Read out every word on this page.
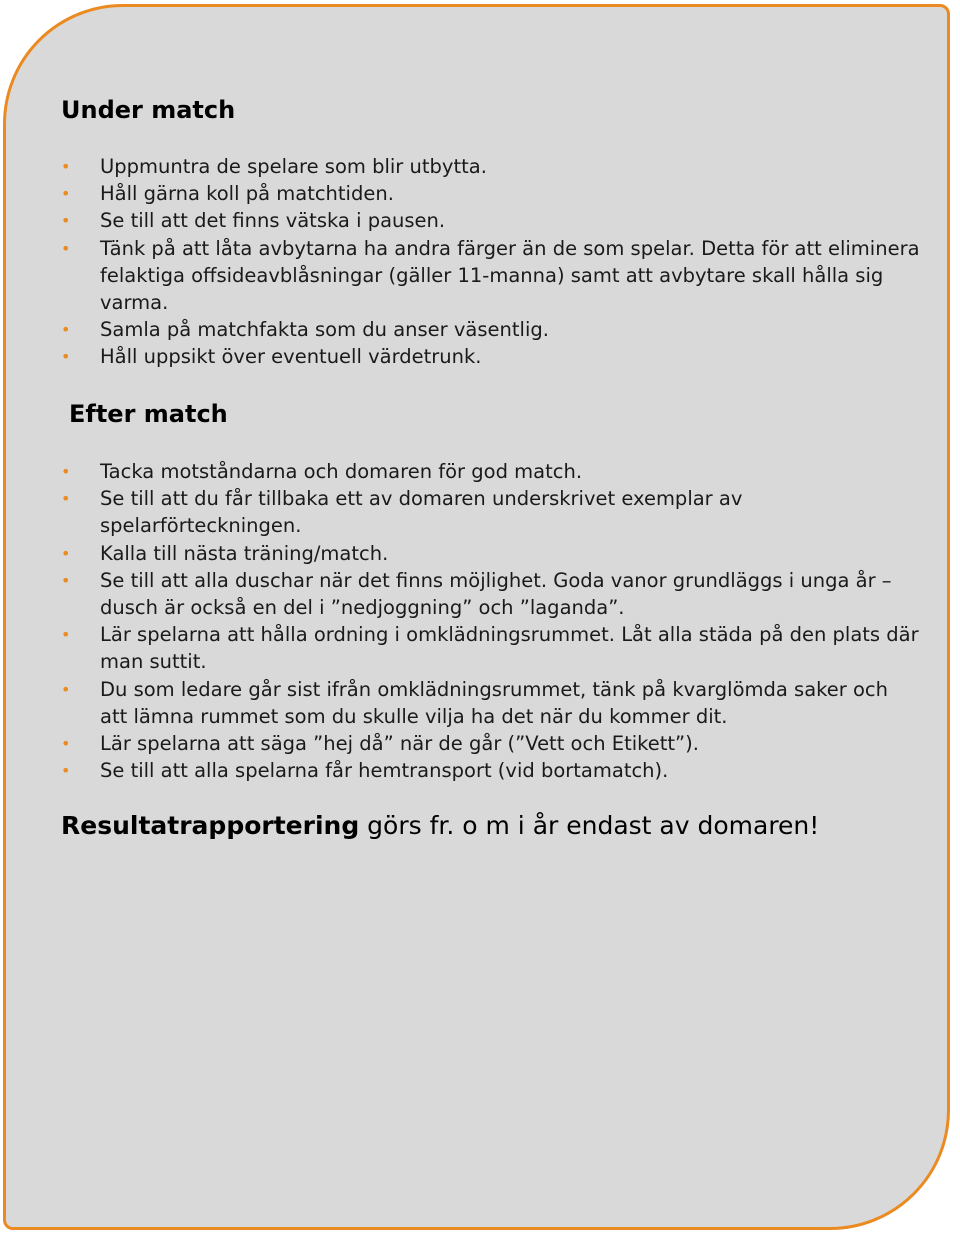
Under match
• Uppmuntra de spelare som blir utbytta.
• Håll gärna koll på matchtiden.
• Se till att det finns vätska i pausen.
• Tänk på att låta avbytarna ha andra färger än de som spelar. Detta för att eliminera felaktiga offsideavblåsningar (gäller 11-manna) samt att avbytare skall hålla sig varma.
• Samla på matchfakta som du anser väsentlig.
• Håll uppsikt över eventuell värdetrunk.
Efter match
• Tacka motståndarna och domaren för god match.
• Se till att du får tillbaka ett av domaren underskrivet exemplar av spelarförteckningen.
• Kalla till nästa träning/match.
• Se till att alla duschar när det finns möjlighet. Goda vanor grundläggs i unga år – dusch är också en del i ”nedjoggning” och ”laganda”.
• Lär spelarna att hålla ordning i omklädningsrummet. Låt alla städa på den plats där man suttit.
• Du som ledare går sist ifrån omklädningsrummet, tänk på kvarglömda saker och att lämna rummet som du skulle vilja ha det när du kommer dit.
• Lär spelarna att säga ”hej då” när de går (”Vett och Etikett”).
• Se till att alla spelarna får hemtransport (vid bortamatch).

Resultatrapportering görs fr. o m i år endast av domaren!
